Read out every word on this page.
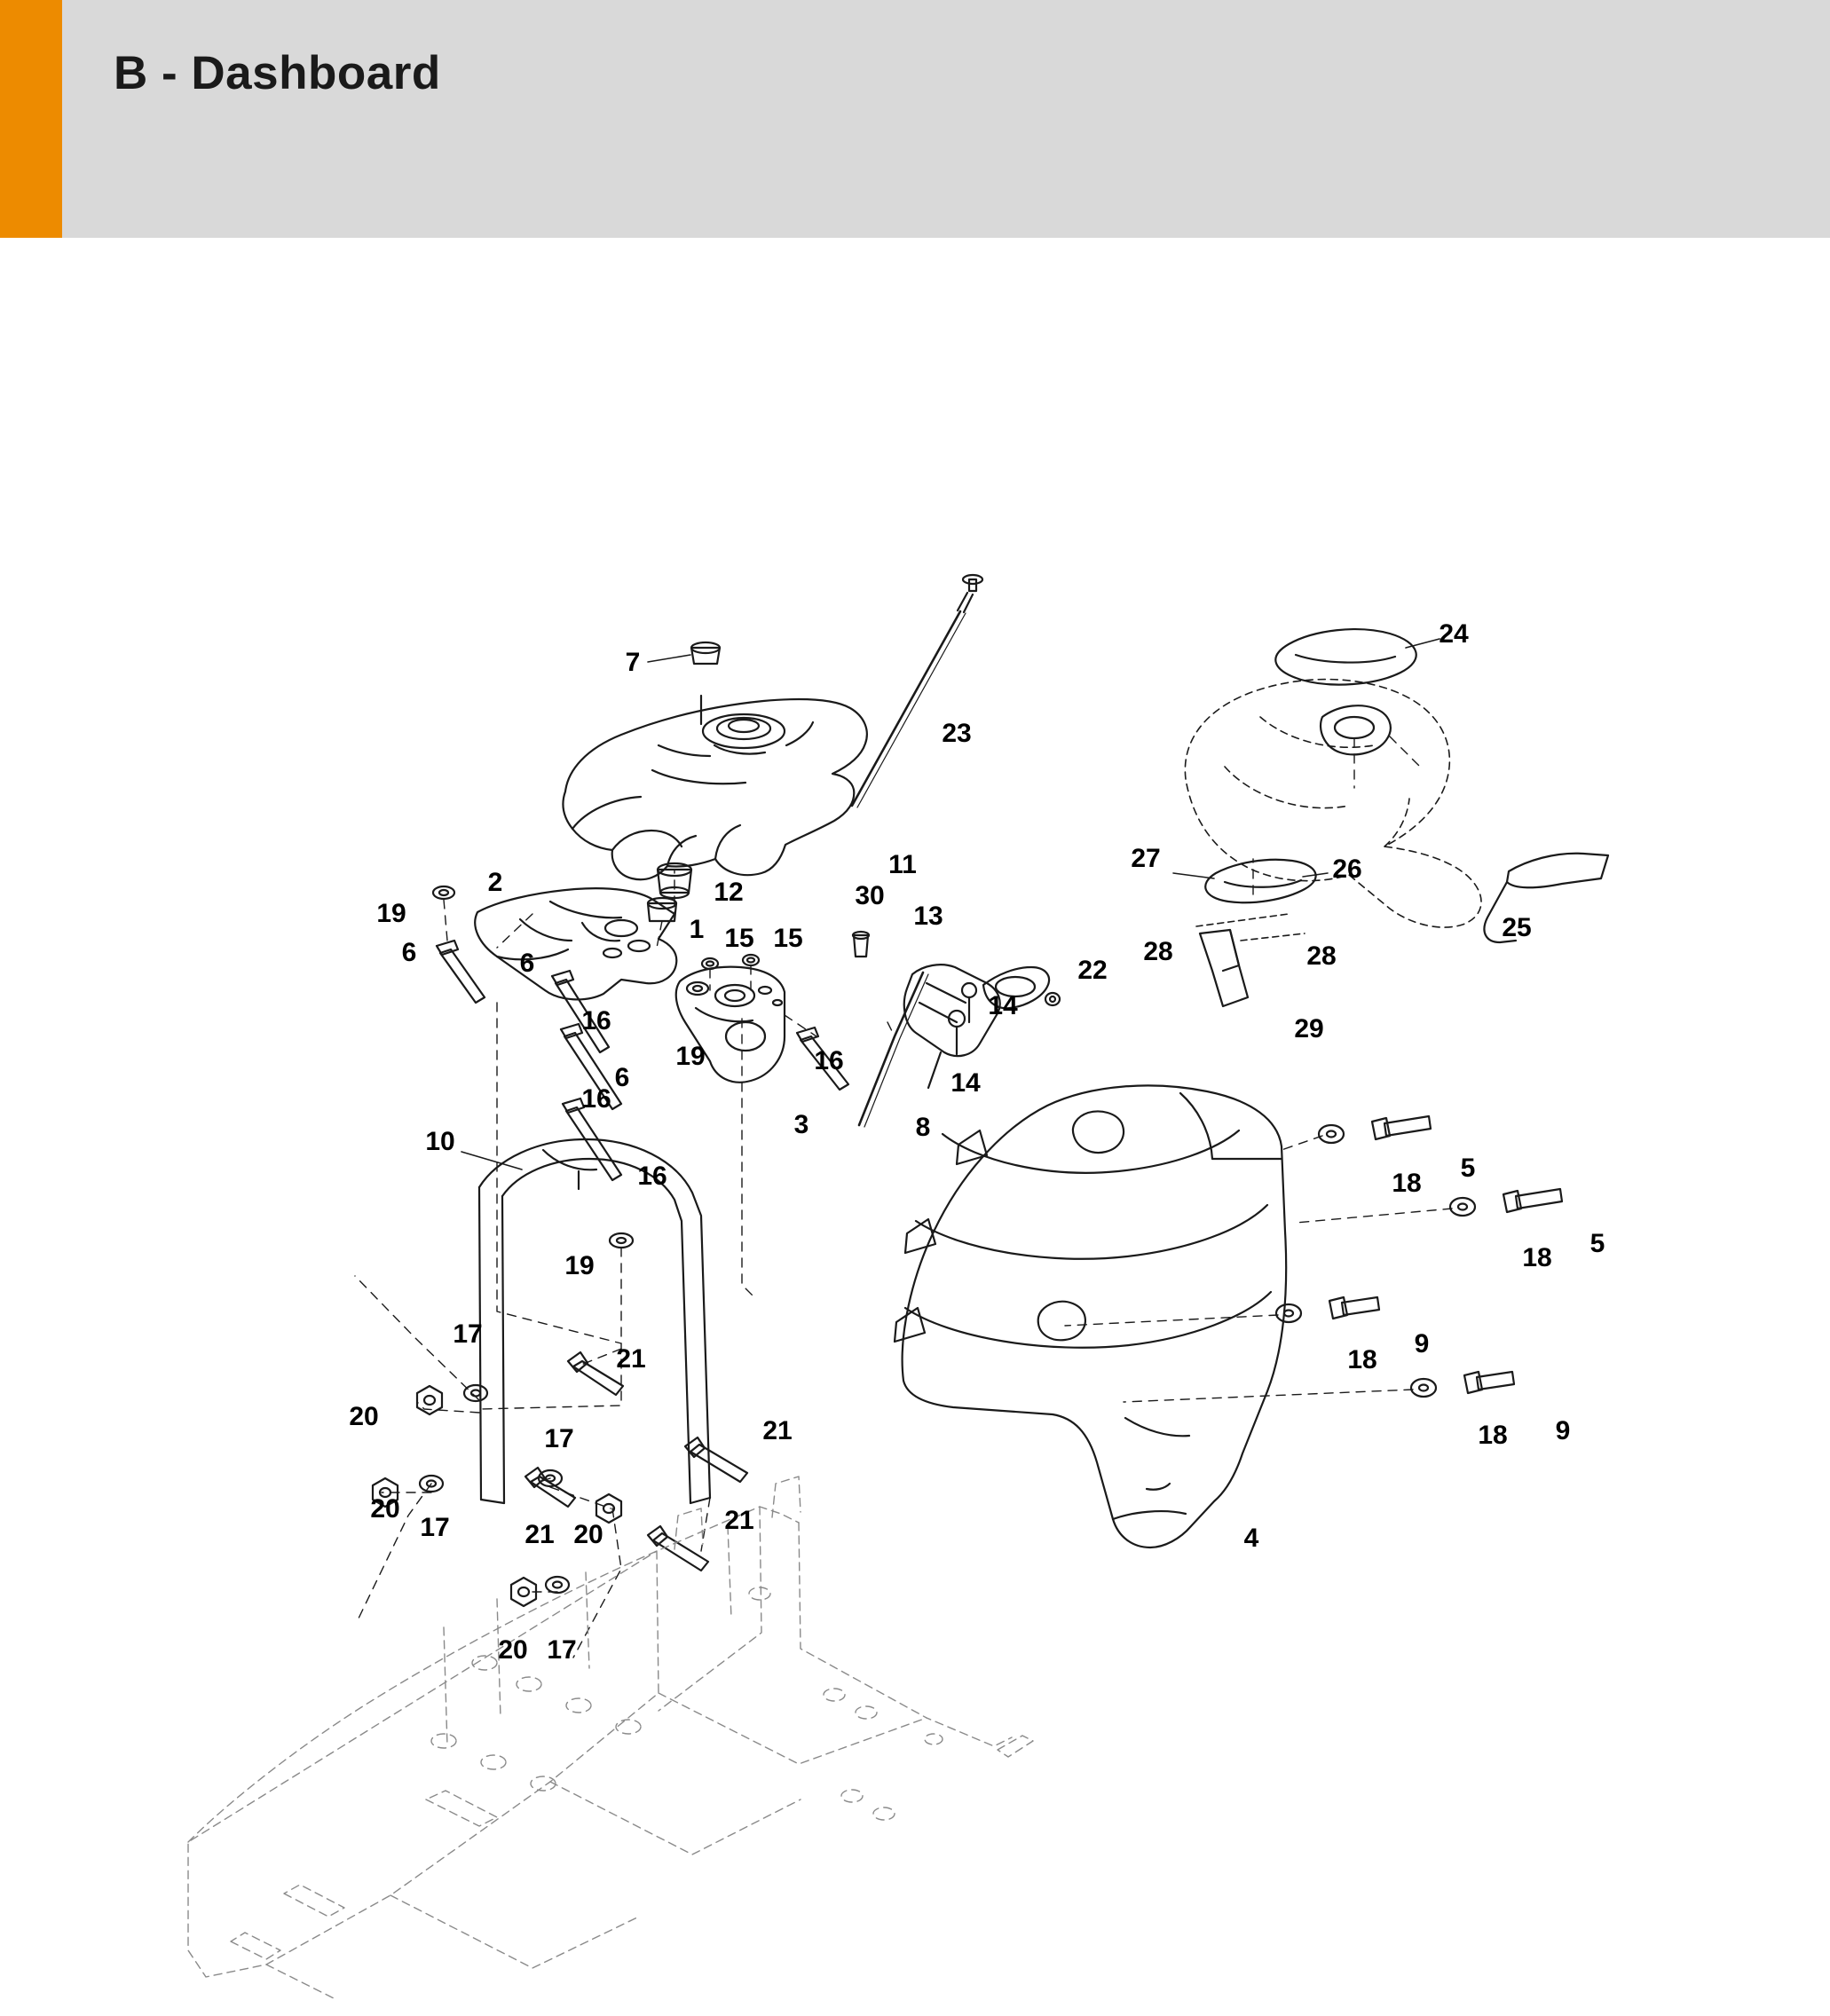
B - Dashboard
7
24
23
11
12
2
19
1
27	26
28
25
6	6
15 15
30
13
22	28
29
14
19
6
16
16
14
3	8
16
10
16	18
5
18 5
19
18
9
17
21
18 9
20
17	21
20
17	21 20	21
4
20 17
